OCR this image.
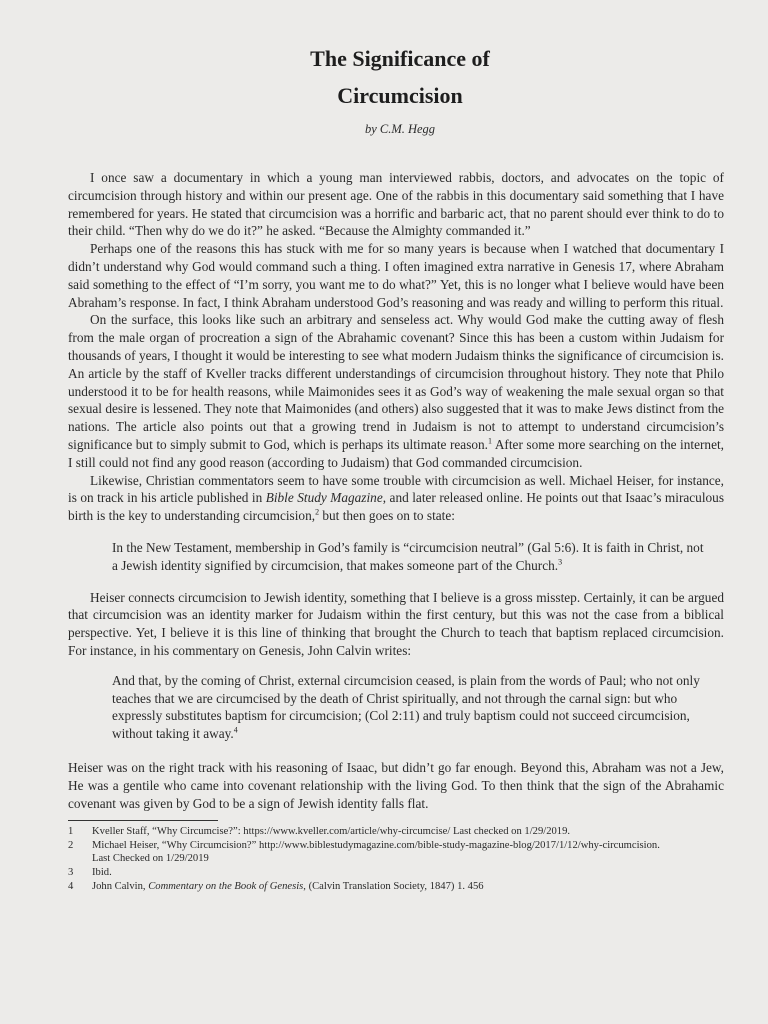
The Significance of
Circumcision
by C.M. Hegg

I once saw a documentary in which a young man interviewed rabbis, doctors, and advocates on the topic of circumcision through history and within our present age. One of the rabbis in this documentary said something that I have remembered for years. He stated that circumcision was a horrific and barbaric act, that no parent should ever think to do to their child. “Then why do we do it?” he asked. “Because the Almighty commanded it.”

Perhaps one of the reasons this has stuck with me for so many years is because when I watched that documentary I didn’t understand why God would command such a thing. I often imagined extra narrative in Genesis 17, where Abraham said something to the effect of “I’m sorry, you want me to do what?” Yet, this is no longer what I believe would have been Abraham’s response. In fact, I think Abraham understood God’s reasoning and was ready and willing to perform this ritual.

On the surface, this looks like such an arbitrary and senseless act. Why would God make the cutting away of flesh from the male organ of procreation a sign of the Abrahamic covenant? Since this has been a custom within Judaism for thousands of years, I thought it would be interesting to see what modern Judaism thinks the significance of circumcision is. An article by the staff of Kveller tracks different understandings of circumcision throughout history. They note that Philo understood it to be for health reasons, while Maimonides sees it as God’s way of weakening the male sexual organ so that sexual desire is lessened. They note that Maimonides (and others) also suggested that it was to make Jews distinct from the nations. The article also points out that a growing trend in Judaism is not to attempt to understand circumcision’s significance but to simply submit to God, which is perhaps its ultimate reason.$^1$ After some more searching on the internet, I still could not find any good reason (according to Judaism) that God commanded circumcision.

Likewise, Christian commentators seem to have some trouble with circumcision as well. Michael Heiser, for instance, is on track in his article published in Bible Study Magazine, and later released online. He points out that Isaac’s miraculous birth is the key to understanding circumcision,$^2$ but then goes on to state:

In the New Testament, membership in God’s family is “circumcision neutral” (Gal 5:6). It is faith in Christ, not a Jewish identity signified by circumcision, that makes someone part of the Church.$^3$

Heiser connects circumcision to Jewish identity, something that I believe is a gross misstep. Certainly, it can be argued that circumcision was an identity marker for Judaism within the first century, but this was not the case from a biblical perspective. Yet, I believe it is this line of thinking that brought the Church to teach that baptism replaced circumcision. For instance, in his commentary on Genesis, John Calvin writes:

And that, by the coming of Christ, external circumcision ceased, is plain from the words of Paul; who not only teaches that we are circumcised by the death of Christ spiritually, and not through the carnal sign: but who expressly substitutes baptism for circumcision; (Col 2:11) and truly baptism could not succeed circumcision, without taking it away.$^4$

Heiser was on the right track with his reasoning of Isaac, but didn’t go far enough. Beyond this, Abraham was not a Jew, He was a gentile who came into covenant relationship with the living God. To then think that the sign of the Abrahamic covenant was given by God to be a sign of Jewish identity falls flat.

1	Kveller Staff, “Why Circumcise?”: https://www.kveller.com/article/why-circumcise/ Last checked on 1/29/2019.
2	Michael Heiser, “Why Circumcision?” http://www.biblestudymagazine.com/bible-study-magazine-blog/2017/1/12/why-circumcision.
Last Checked on 1/29/2019
3	Ibid.
4	John Calvin, Commentary on the Book of Genesis, (Calvin Translation Society, 1847) 1. 456
